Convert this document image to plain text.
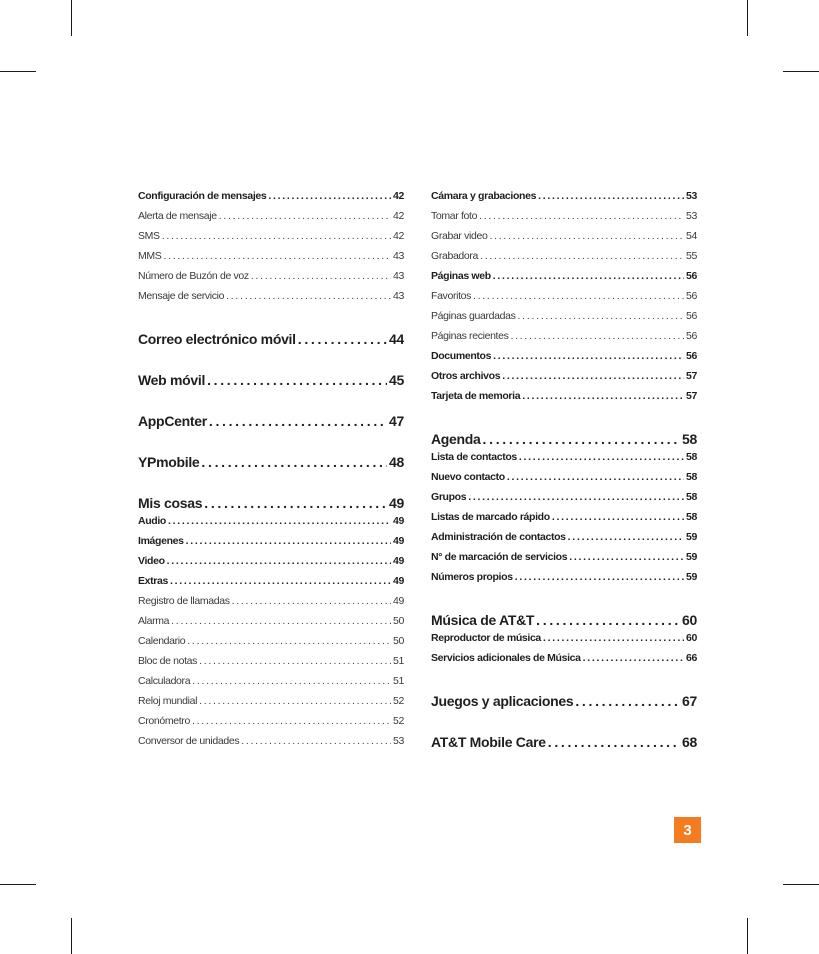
Configuración de mensajes . . .	42
Alerta de mensaje . . .	42
SMS . . .	42
MMS . . .	43
Número de Buzón de voz . . .	43
Mensaje de servicio . . .	43
Correo electrónico móvil . . .	44
Web móvil . . .	45
AppCenter . . .	47
YPmobile . . .	48
Mis cosas . . .	49
Audio . . .	49
Imágenes . . .	49
Video . . .	49
Extras . . .	49
Registro de llamadas . . .	49
Alarma . . .	50
Calendario . . .	50
Bloc de notas . . .	51
Calculadora . . .	51
Reloj mundial . . .	52
Cronómetro . . .	52
Conversor de unidades . . .	53
Cámara y grabaciones . . .	53
Tomar foto . . .	53
Grabar video . . .	54
Grabadora . . .	55
Páginas web . . .	56
Favoritos . . .	56
Páginas guardadas . . .	56
Páginas recientes . . .	56
Documentos . . .	56
Otros archivos . . .	57
Tarjeta de memoria . . .	57
Agenda . . .	58
Lista de contactos . . .	58
Nuevo contacto . . .	58
Grupos . . .	58
Listas de marcado rápido . . .	58
Administración de contactos . . .	59
N° de marcación de servicios . . .	59
Números propios . . .	59
Música de AT&T . . .	60
Reproductor de música . . .	60
Servicios adicionales de Música . . .	66
Juegos y aplicaciones . . .	67
AT&T Mobile Care . . .	68
3
